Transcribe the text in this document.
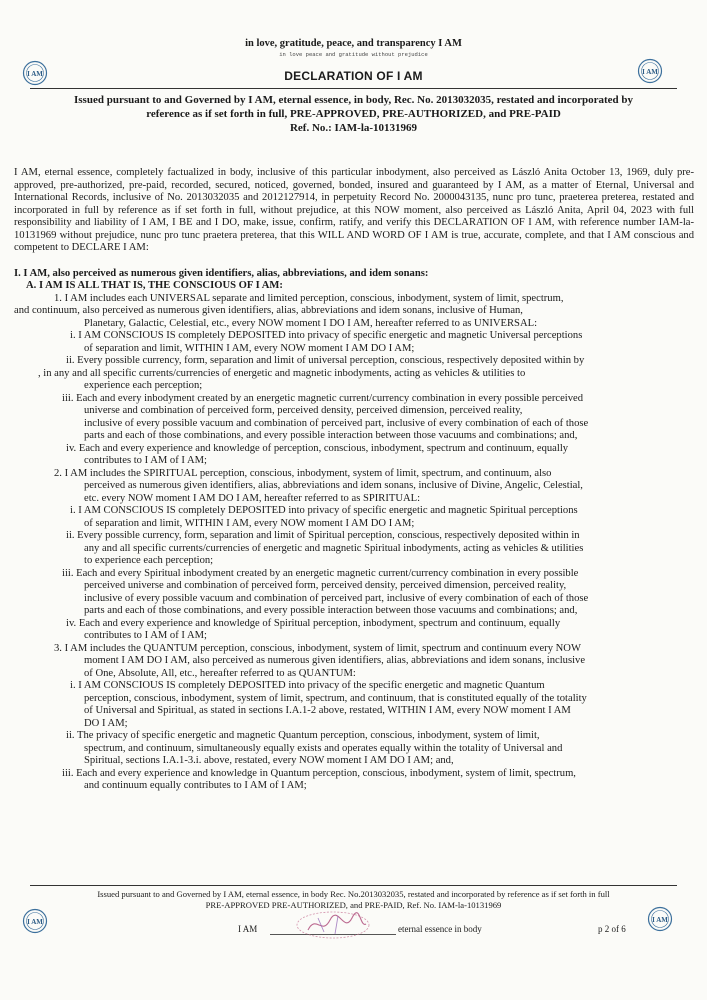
in love, gratitude, peace, and transparency I AM
in love peace and gratitude without prejudice
I AM	I AM
DECLARATION OF I AM
Issued pursuant to and Governed by I AM, eternal essence, in body, Rec. No. 2013032035, restated and incorporated by
reference as if set forth in full, PRE-APPROVED, PRE-AUTHORIZED, and PRE-PAID
Ref. No.: IAM-la-10131969

I AM, eternal essence, completely factualized in body, inclusive of this particular inbodyment, also perceived as László Anita October 13, 1969, duly pre-approved, pre-authorized, pre-paid, recorded, secured, noticed, governed, bonded, insured and guaranteed by I AM, as a matter of Eternal, Universal and International Records, inclusive of No. 2013032035 and 2012127914, in perpetuity Record No. 2000043135, nunc pro tunc, praeterea preterea, restated and incorporated in full by reference as if set forth in full, without prejudice, at this NOW moment, also perceived as László Anita, April 04, 2023 with full responsibility and liability of I AM, I BE and I DO, make, issue, confirm, ratify, and verify this DECLARATION OF I AM, with reference number IAM-la-10131969 without prejudice, nunc pro tunc praetera preterea, that this WILL AND WORD OF I AM is true, accurate, complete, and that I AM conscious and competent to DECLARE I AM:

I. I AM, also perceived as numerous given identifiers, alias, abbreviations, and idem sonans:
A. I AM IS ALL THAT IS, THE CONSCIOUS OF I AM:
1. I AM includes each UNIVERSAL separate and limited perception, conscious, inbodyment, system of limit, spectrum,
and continuum, also perceived as numerous given identifiers, alias, abbreviations and idem sonans, inclusive of Human,
Planetary, Galactic, Celestial, etc., every NOW moment I DO I AM, hereafter referred to as UNIVERSAL:
i. I AM CONSCIOUS IS completely DEPOSITED into privacy of specific energetic and magnetic Universal perceptions
of separation and limit, WITHIN I AM, every NOW moment I AM DO I AM;
ii. Every possible currency, form, separation and limit of universal perception, conscious, respectively deposited within by
, in any and all specific currents/currencies of energetic and magnetic inbodyments, acting as vehicles & utilities to
experience each perception;
iii. Each and every inbodyment created by an energetic magnetic current/currency combination in every possible perceived
universe and combination of perceived form, perceived density, perceived dimension, perceived reality,
inclusive of every possible vacuum and combination of perceived part, inclusive of every combination of each of those
parts and each of those combinations, and every possible interaction between those vacuums and combinations; and,
iv. Each and every experience and knowledge of perception, conscious, inbodyment, spectrum and continuum, equally
contributes to I AM of I AM;
2. I AM includes the SPIRITUAL perception, conscious, inbodyment, system of limit, spectrum, and continuum, also
perceived as numerous given identifiers, alias, abbreviations and idem sonans, inclusive of Divine, Angelic, Celestial,
etc. every NOW moment I AM DO I AM, hereafter referred to as SPIRITUAL:
i. I AM CONSCIOUS IS completely DEPOSITED into privacy of specific energetic and magnetic Spiritual perceptions
of separation and limit, WITHIN I AM, every NOW moment I AM DO I AM;
ii. Every possible currency, form, separation and limit of Spiritual perception, conscious, respectively deposited within in
any and all specific currents/currencies of energetic and magnetic Spiritual inbodyments, acting as vehicles & utilities
to experience each perception;
iii. Each and every Spiritual inbodyment created by an energetic magnetic current/currency combination in every possible
perceived universe and combination of perceived form, perceived density, perceived dimension, perceived reality,
inclusive of every possible vacuum and combination of perceived part, inclusive of every combination of each of those
parts and each of those combinations, and every possible interaction between those vacuums and combinations; and,
iv. Each and every experience and knowledge of Spiritual perception, inbodyment, spectrum and continuum, equally
contributes to I AM of I AM;
3. I AM includes the QUANTUM perception, conscious, inbodyment, system of limit, spectrum and continuum every NOW
moment I AM DO I AM, also perceived as numerous given identifiers, alias, abbreviations and idem sonans, inclusive
of One, Absolute, All, etc., hereafter referred to as QUANTUM:
i. I AM CONSCIOUS IS completely DEPOSITED into privacy of the specific energetic and magnetic Quantum
perception, conscious, inbodyment, system of limit, spectrum, and continuum, that is constituted equally of the totality
of Universal and Spiritual, as stated in sections I.A.1-2 above, restated, WITHIN I AM, every NOW moment I AM
DO I AM;
ii. The privacy of specific energetic and magnetic Quantum perception, conscious, inbodyment, system of limit,
spectrum, and continuum, simultaneously equally exists and operates equally within the totality of Universal and
Spiritual, sections I.A.1-3.i. above, restated, every NOW moment I AM DO I AM; and,
iii. Each and every experience and knowledge in Quantum perception, conscious, inbodyment, system of limit, spectrum,
and continuum equally contributes to I AM of I AM;
Issued pursuant to and Governed by I AM, eternal essence, in body Rec. No.2013032035, restated and incorporated by reference as if set forth in full
PRE-APPROVED PRE-AUTHORIZED, and PRE-PAID, Ref. No. IAM-la-10131969
I AM	I AM
I AM	eternal essence in body	p 2 of 6
